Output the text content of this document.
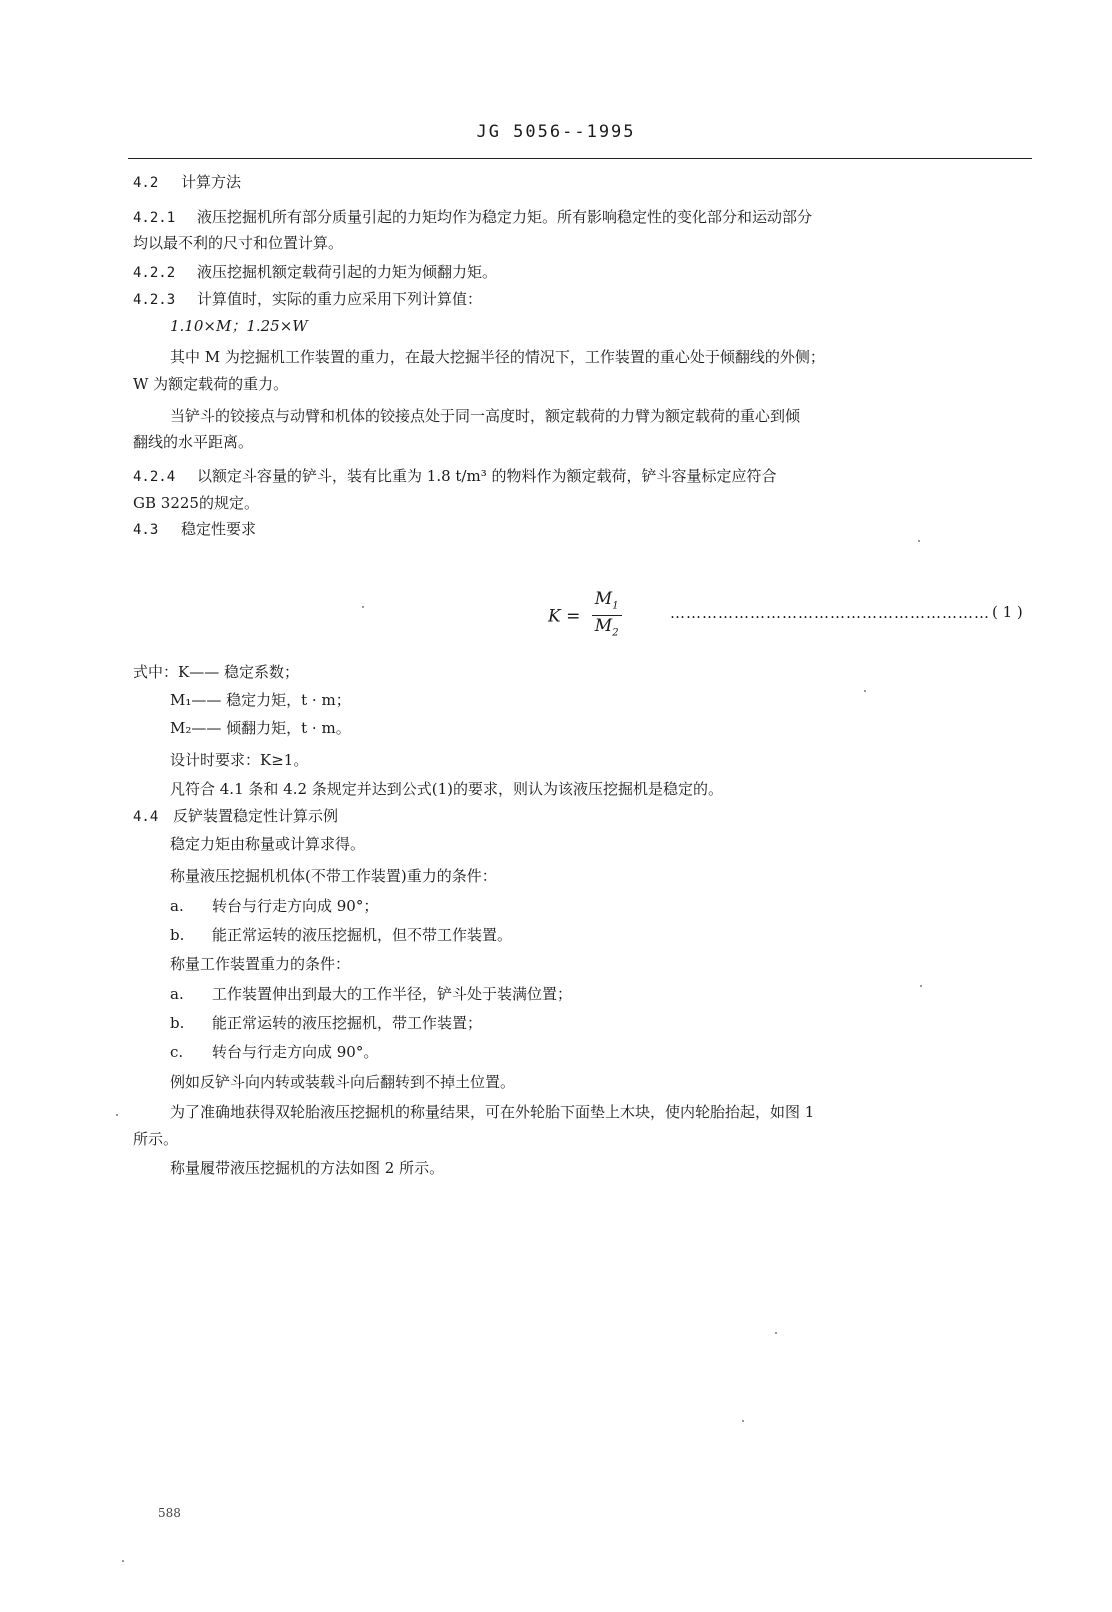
JG 5056--1995
4.2 计算方法
4.2.1 液压挖掘机所有部分质量引起的力矩均作为稳定力矩。所有影响稳定性的变化部分和运动部分
均以最不利的尺寸和位置计算。
4.2.2 液压挖掘机额定载荷引起的力矩为倾翻力矩。
4.2.3 计算值时，实际的重力应采用下列计算值：
1.10×M；1.25×W
其中 M 为挖掘机工作装置的重力，在最大挖掘半径的情况下，工作装置的重心处于倾翻线的外侧；
W 为额定载荷的重力。
当铲斗的铰接点与动臂和机体的铰接点处于同一高度时，额定载荷的力臂为额定载荷的重心到倾
翻线的水平距离。
4.2.4 以额定斗容量的铲斗，装有比重为 1.8 t/m³ 的物料作为额定载荷，铲斗容量标定应符合
GB 3225的规定。
4.3 稳定性要求
$K = \frac{M_1}{M_2}$	…………………………………………………… ( 1 )
式中：K—— 稳定系数；
M₁—— 稳定力矩，t · m；
M₂—— 倾翻力矩，t · m。
设计时要求：K≥1。
凡符合 4.1 条和 4.2 条规定并达到公式(1)的要求，则认为该液压挖掘机是稳定的。
4.4 反铲装置稳定性计算示例
稳定力矩由称量或计算求得。
称量液压挖掘机机体(不带工作装置)重力的条件：
a. 转台与行走方向成 90°；
b. 能正常运转的液压挖掘机，但不带工作装置。
称量工作装置重力的条件：
a. 工作装置伸出到最大的工作半径，铲斗处于装满位置；
b. 能正常运转的液压挖掘机，带工作装置；
c. 转台与行走方向成 90°。
例如反铲斗向内转或装载斗向后翻转到不掉土位置。
为了准确地获得双轮胎液压挖掘机的称量结果，可在外轮胎下面垫上木块，使内轮胎抬起，如图 1
所示。
称量履带液压挖掘机的方法如图 2 所示。
588
